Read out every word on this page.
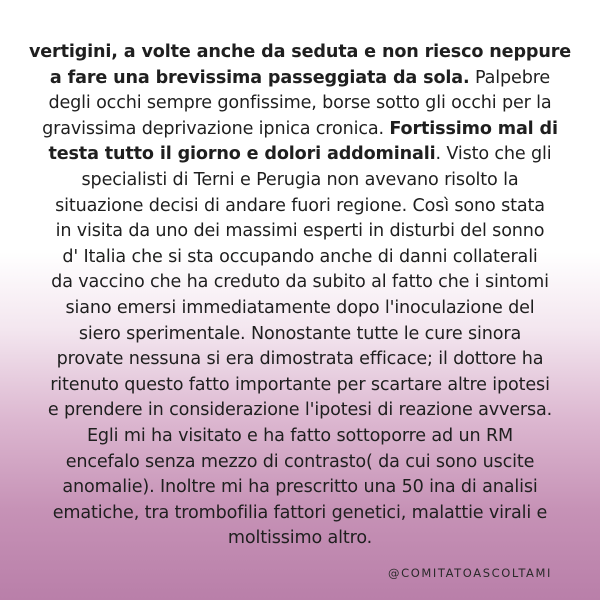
vertigini, a volte anche da seduta e non riesco neppure
a fare una brevissima passeggiata da sola. Palpebre
degli occhi sempre gonfissime, borse sotto gli occhi per la
gravissima deprivazione ipnica cronica. Fortissimo mal di
testa tutto il giorno e dolori addominali. Visto che gli
specialisti di Terni e Perugia non avevano risolto la
situazione decisi di andare fuori regione. Così sono stata
in visita da uno dei massimi esperti in disturbi del sonno
d' Italia che si sta occupando anche di danni collaterali
da vaccino che ha creduto da subito al fatto che i sintomi
siano emersi immediatamente dopo l'inoculazione del
siero sperimentale. Nonostante tutte le cure sinora
provate nessuna si era dimostrata efficace; il dottore ha
ritenuto questo fatto importante per scartare altre ipotesi
e prendere in considerazione l'ipotesi di reazione avversa.
Egli mi ha visitato e ha fatto sottoporre ad un RM
encefalo senza mezzo di contrasto( da cui sono uscite
anomalie). Inoltre mi ha prescritto una 50 ina di analisi
ematiche, tra trombofilia fattori genetici, malattie virali e
moltissimo altro.

@COMITATOASCOLTAMI
